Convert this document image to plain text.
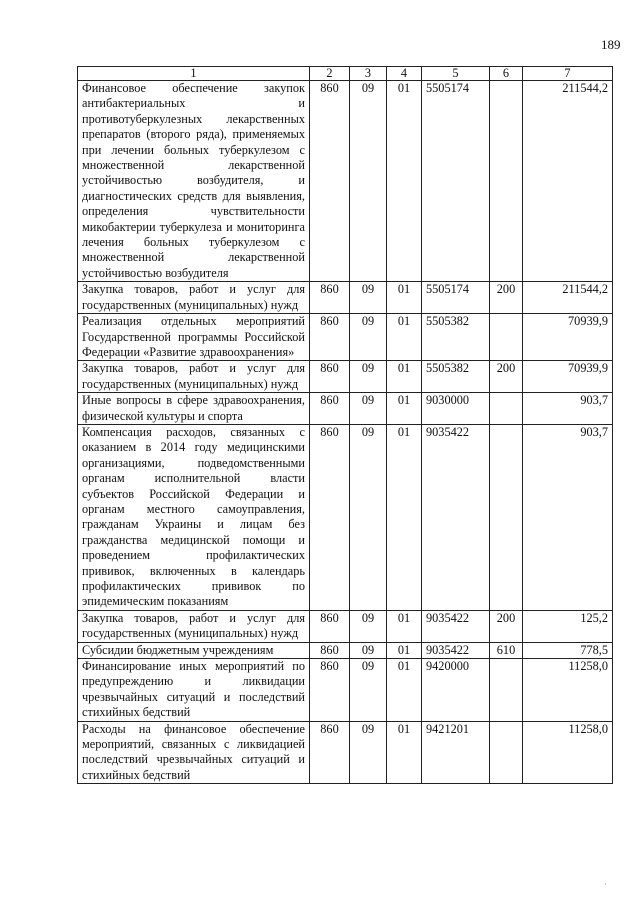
189
1	2	3	4	5	6	7
Финансовое обеспечение закупок антибактериальных и противотуберкулезных лекарственных препаратов (второго ряда), применяемых при лечении больных туберкулезом с множественной лекарственной устойчивостью возбудителя, и диагностических средств для выявления, определения чувствительности микобактерии туберкулеза и мониторинга лечения больных туберкулезом с множественной лекарственной устойчивостью возбудителя	860	09	01	5505174		211544,2
Закупка товаров, работ и услуг для государственных (муниципальных) нужд	860	09	01	5505174	200	211544,2
Реализация отдельных мероприятий Государственной программы Российской Федерации «Развитие здравоохранения»	860	09	01	5505382		70939,9
Закупка товаров, работ и услуг для государственных (муниципальных) нужд	860	09	01	5505382	200	70939,9
Иные вопросы в сфере здравоохранения, физической культуры и спорта	860	09	01	9030000		903,7
Компенсация расходов, связанных с оказанием в 2014 году медицинскими организациями, подведомственными органам исполнительной власти субъектов Российской Федерации и органам местного самоуправления, гражданам Украины и лицам без гражданства медицинской помощи и проведением профилактических прививок, включенных в календарь профилактических прививок по эпидемическим показаниям	860	09	01	9035422		903,7
Закупка товаров, работ и услуг для государственных (муниципальных) нужд	860	09	01	9035422	200	125,2
Субсидии бюджетным учреждениям	860	09	01	9035422	610	778,5
Финансирование иных мероприятий по предупреждению и ликвидации чрезвычайных ситуаций и последствий стихийных бедствий	860	09	01	9420000		11258,0
Расходы на финансовое обеспечение мероприятий, связанных с ликвидацией последствий чрезвычайных ситуаций и стихийных бедствий	860	09	01	9421201		11258,0
·
